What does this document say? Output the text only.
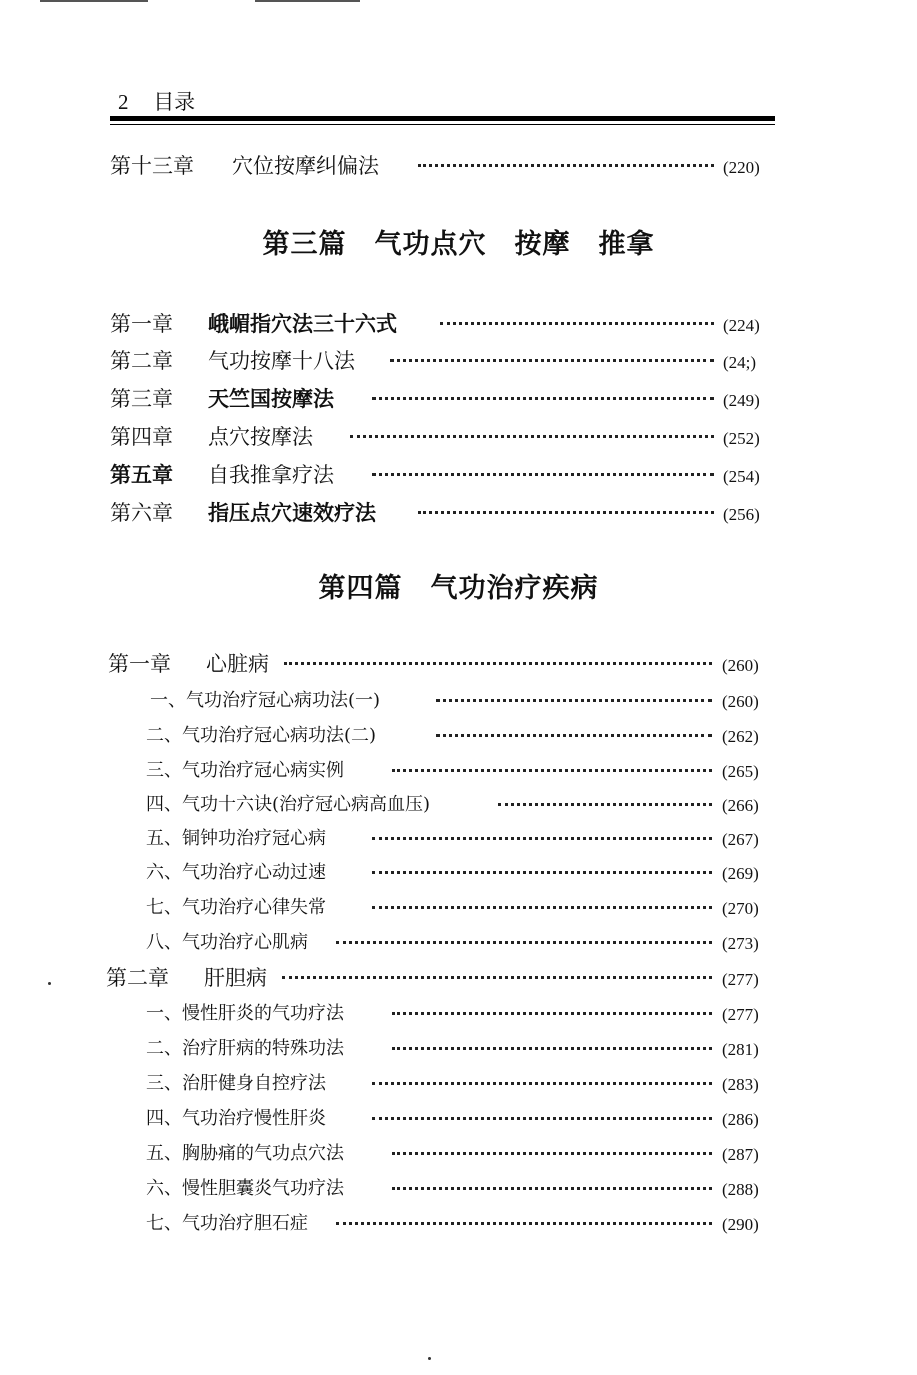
2 目录
第十三章 穴位按摩纠偏法	(220)
第三篇　气功点穴　按摩　推拿
第一章 峨嵋指穴法三十六式	(224)
第二章 气功按摩十八法	(24;)
第三章 天竺国按摩法	(249)
第四章 点穴按摩法	(252)
第五章 自我推拿疗法	(254)
第六章 指压点穴速效疗法	(256)
第四篇　气功治疗疾病
第一章 心脏病	(260)
一、气功治疗冠心病功法(一)	(260)
二、气功治疗冠心病功法(二)	(262)
三、气功治疗冠心病实例	(265)
四、气功十六诀(治疗冠心病高血压)	(266)
五、铜钟功治疗冠心病	(267)
六、气功治疗心动过速	(269)
七、气功治疗心律失常	(270)
八、气功治疗心肌病	(273)
第二章 肝胆病	(277)
一、慢性肝炎的气功疗法	(277)
二、治疗肝病的特殊功法	(281)
三、治肝健身自控疗法	(283)
四、气功治疗慢性肝炎	(286)
五、胸胁痛的气功点穴法	(287)
六、慢性胆囊炎气功疗法	(288)
七、气功治疗胆石症	(290)
